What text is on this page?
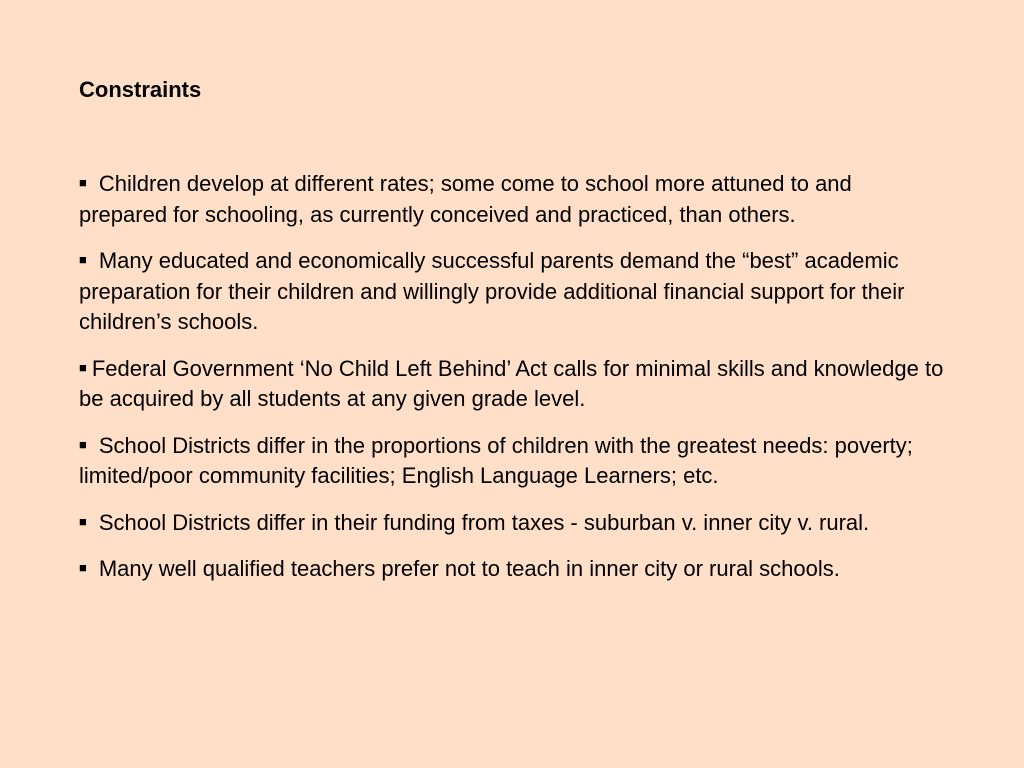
Constraints
■ Children develop at different rates; some come to school more attuned to and prepared for schooling, as currently conceived and practiced, than others.
■ Many educated and economically successful parents demand the “best” academic preparation for their children and willingly provide additional financial support for their children’s schools.
■ Federal Government ‘No Child Left Behind’ Act calls for minimal skills and knowledge to be acquired by all students at any given grade level.
■ School Districts differ in the proportions of children with the greatest needs: poverty; limited/poor community facilities; English Language Learners; etc.
■ School Districts differ in their funding from taxes - suburban v. inner city v. rural.
■ Many well qualified teachers prefer not to teach in inner city or rural schools.
